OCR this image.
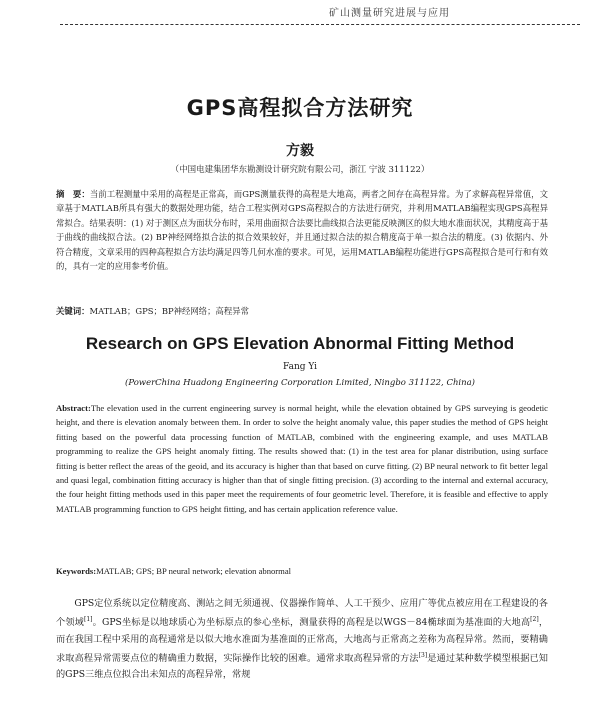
矿山测量研究进展与应用
GPS高程拟合方法研究
方毅
（中国电建集团华东勘测设计研究院有限公司，浙江 宁波 311122）
摘　要：当前工程测量中采用的高程是正常高，而GPS测量获得的高程是大地高，两者之间存在高程异常。为了求解高程异常值，文章基于MATLAB所具有强大的数据处理功能，结合工程实例对GPS高程拟合的方法进行研究，并利用MATLAB编程实现GPS高程异常拟合。结果表明：(1) 对于测区点为面状分布时，采用曲面拟合法要比曲线拟合法更能反映测区的似大地水准面状况，其精度高于基于曲线的曲线拟合法。(2) BP神经网络拟合法的拟合效果较好，并且通过拟合法的拟合精度高于单一拟合法的精度。(3) 依据内、外符合精度，文章采用的四种高程拟合方法均满足四等几何水准的要求。可见，运用MATLAB编程功能进行GPS高程拟合是可行和有效的，具有一定的应用参考价值。
关键词：MATLAB；GPS；BP神经网络；高程异常
Research on GPS Elevation Abnormal Fitting Method
Fang Yi
(PowerChina Huadong Engineering Corporation Limited, Ningbo 311122, China)
Abstract:The elevation used in the current engineering survey is normal height, while the elevation obtained by GPS surveying is geodetic height, and there is elevation anomaly between them. In order to solve the height anomaly value, this paper studies the method of GPS height fitting based on the powerful data processing function of MATLAB, combined with the engineering example, and uses MATLAB programming to realize the GPS height anomaly fitting. The results showed that: (1) in the test area for planar distribution, using surface fitting is better reflect the areas of the geoid, and its accuracy is higher than that based on curve fitting. (2) BP neural network to fit better legal and quasi legal, combination fitting accuracy is higher than that of single fitting precision. (3) according to the internal and external accuracy, the four height fitting methods used in this paper meet the requirements of four geometric level. Therefore, it is feasible and effective to apply MATLAB programming function to GPS height fitting, and has certain application reference value.
Keywords:MATLAB; GPS; BP neural network; elevation abnormal
GPS定位系统以定位精度高、测站之间无须通视、仪器操作简单、人工干预少、应用广等优点被应用在工程建设的各个领域[1]。GPS坐标是以地球质心为坐标原点的参心坐标，测量获得的高程是以WGS－84椭球面为基准面的大地高[2]，而在我国工程中采用的高程通常是以似大地水准面为基准面的正常高，大地高与正常高之差称为高程异常。然而，要精确求取高程异常需要点位的精确重力数据，实际操作比较的困难。通常求取高程异常的方法[3]是通过某种数学模型根据已知的GPS三维点位拟合出未知点的高程异常，常规
